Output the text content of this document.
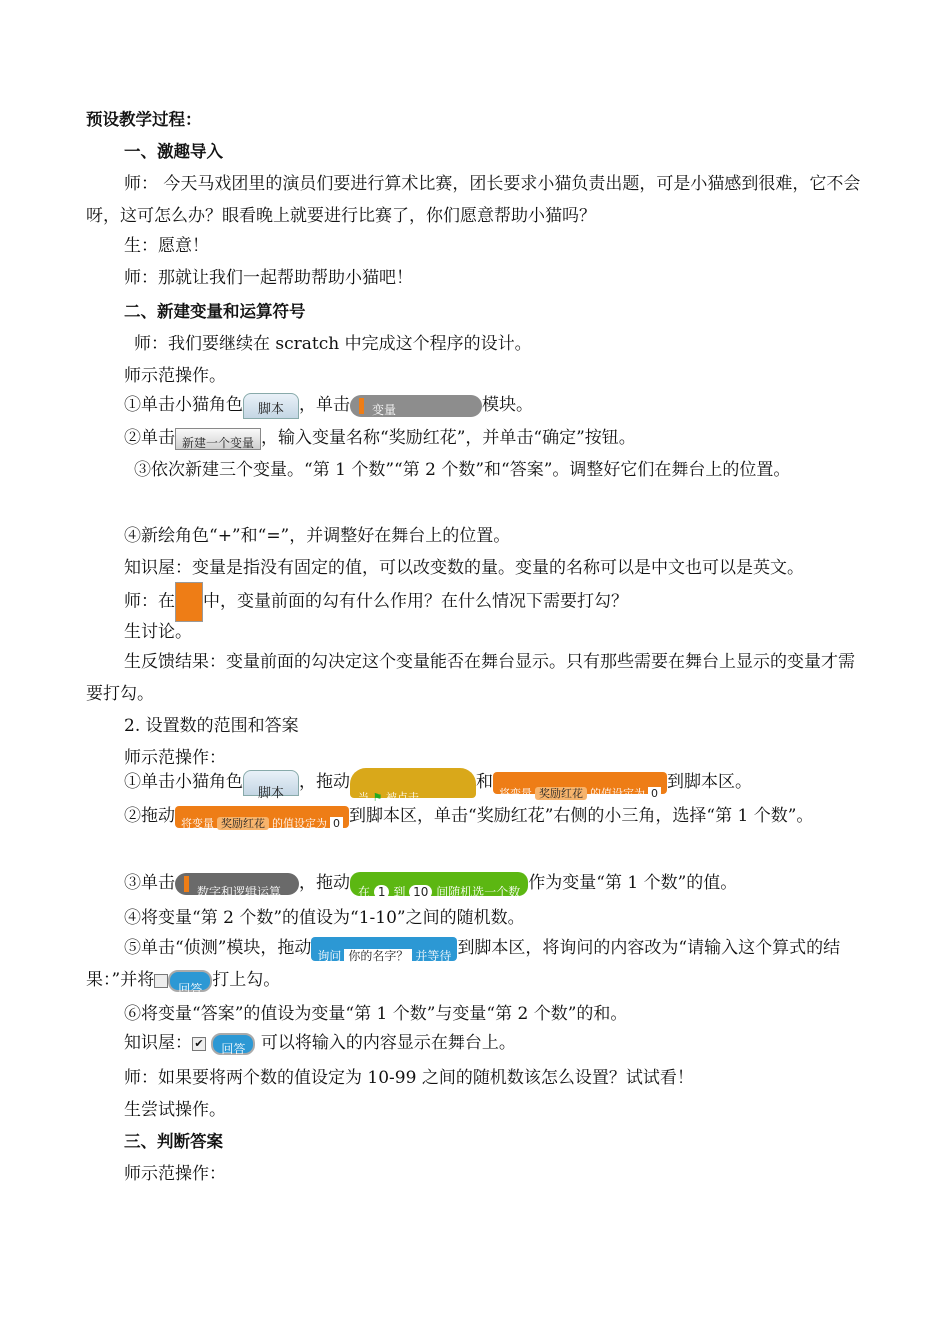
预设教学过程：
一、激趣导入
师： 今天马戏团里的演员们要进行算术比赛，团长要求小猫负责出题，可是小猫感到很难，它不会呀，这可怎么办？眼看晚上就要进行比赛了，你们愿意帮助小猫吗？
生：愿意！
师：那就让我们一起帮助帮助小猫吧！
二、新建变量和运算符号
师：我们要继续在 scratch 中完成这个程序的设计。
师示范操作。
①单击小猫角色 脚本 ，单击 变量	模块。
②单击 新建一个变量 ，输入变量名称“奖励红花”，并单击“确定”按钮。
③依次新建三个变量。“第 1 个数”“第 2 个数”和“答案”。调整好它们在舞台上的位置。
④新绘角色“+”和“=”，并调整好在舞台上的位置。
知识屋：变量是指没有固定的值，可以改变数的量。变量的名称可以是中文也可以是英文。
师：在 中，变量前面的勾有什么作用？在什么情况下需要打勾？
生讨论。
生反馈结果：变量前面的勾决定这个变量能否在舞台显示。只有那些需要在舞台上显示的变量才需要打勾。
2. 设置数的范围和答案
师示范操作：
①单击小猫角色脚本，拖动当 ⚑ 被点击和将变量 奖励红花 的值设定为 0到脚本区。
②拖动 将变量 奖励红花 的值设定为 0 到脚本区，单击“奖励红花”右侧的小三角，选择“第 1 个数”。
③单击 数字和逻辑运算 ，拖动 在 1 到 10 间随机选一个数 作为变量“第 1 个数”的值。
④将变量“第 2 个数”的值设为“1-10”之间的随机数。
⑤单击“侦测”模块，拖动 询问 你的名字？ 并等待 到脚本区，将询问的内容改为“请输入这个算式的结果：”并将 回答 打上勾。
⑥将变量“答案”的值设为变量“第 1 个数”与变量“第 2 个数”的和。
知识屋： ✔ 回答 可以将输入的内容显示在舞台上。
师：如果要将两个数的值设定为 10-99 之间的随机数该怎么设置？试试看！
生尝试操作。
三、判断答案
师示范操作：
